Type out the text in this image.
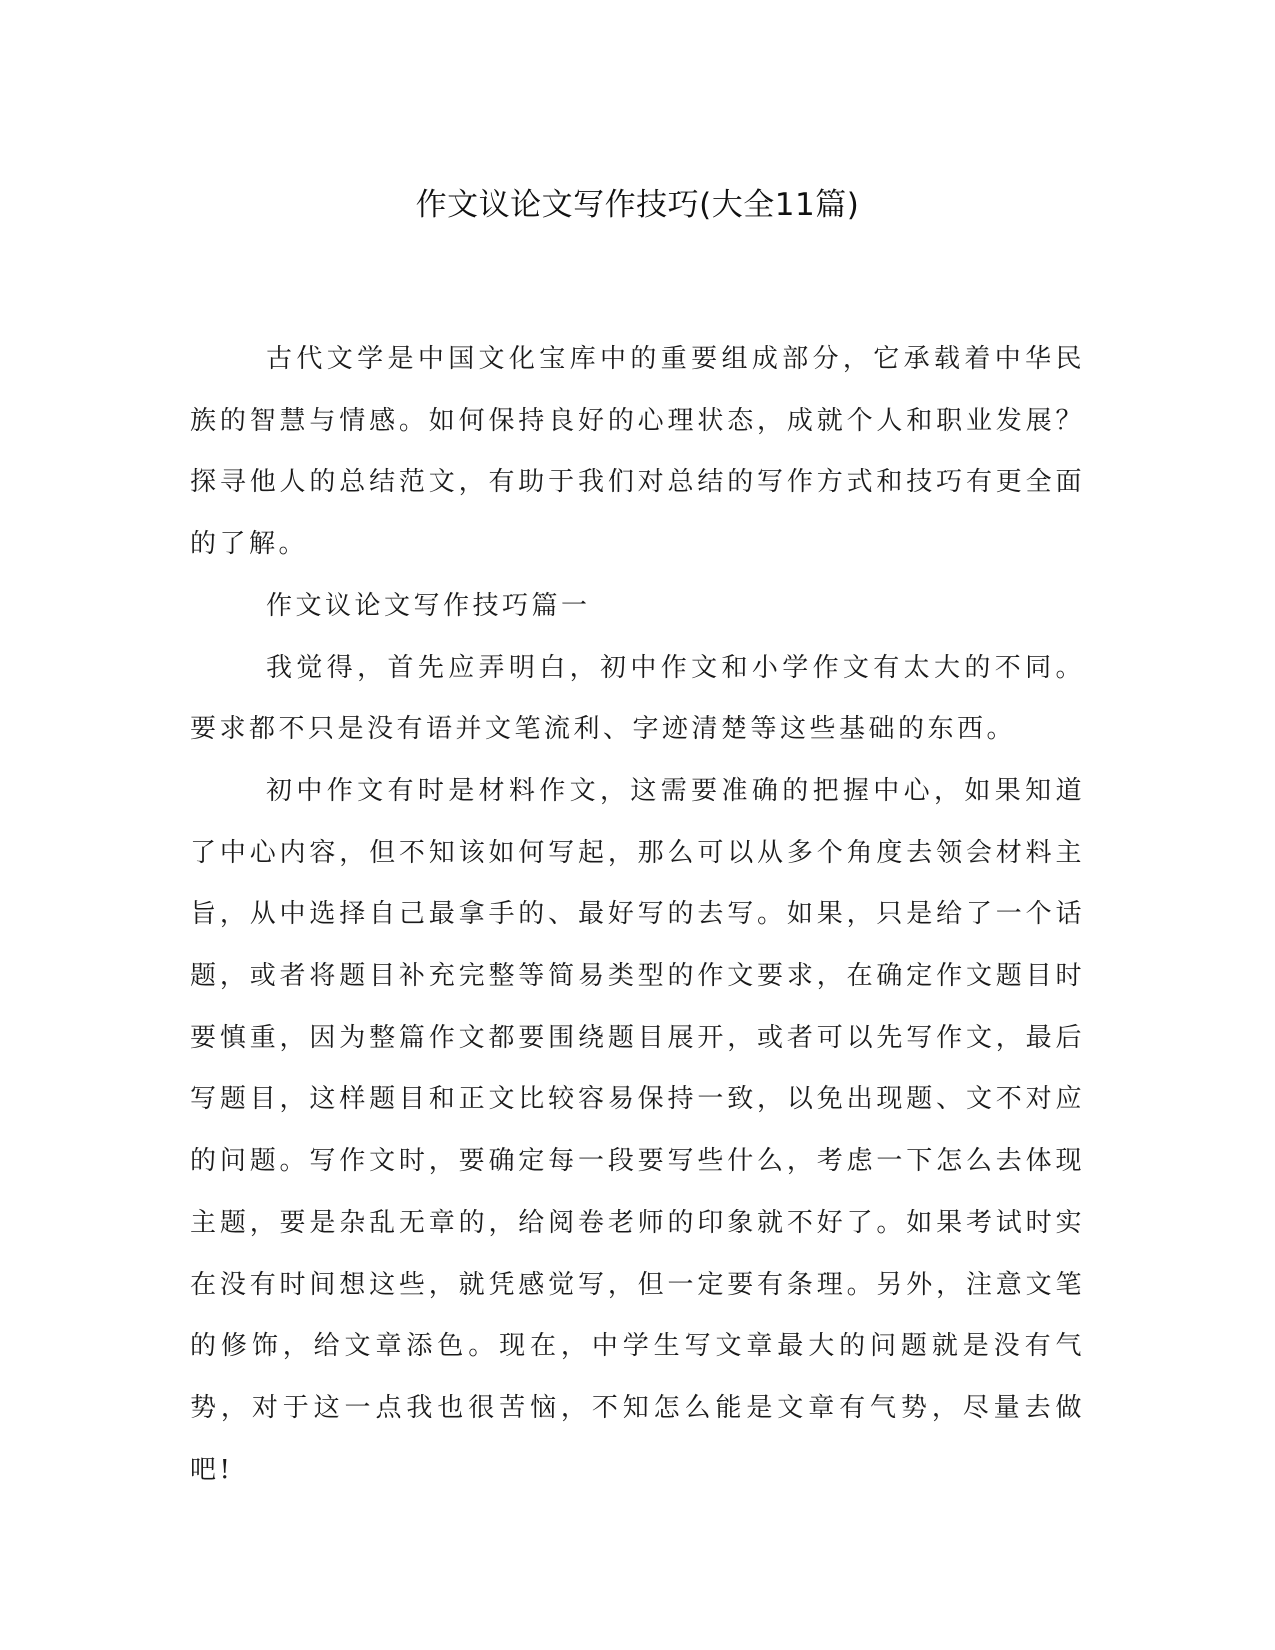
作文议论文写作技巧(大全11篇)

古代文学是中国文化宝库中的重要组成部分，它承载着中华民族的智慧与情感。如何保持良好的心理状态，成就个人和职业发展？探寻他人的总结范文，有助于我们对总结的写作方式和技巧有更全面的了解。

作文议论文写作技巧篇一

我觉得，首先应弄明白，初中作文和小学作文有太大的不同。要求都不只是没有语并文笔流利、字迹清楚等这些基础的东西。

初中作文有时是材料作文，这需要准确的把握中心，如果知道了中心内容，但不知该如何写起，那么可以从多个角度去领会材料主旨，从中选择自己最拿手的、最好写的去写。如果，只是给了一个话题，或者将题目补充完整等简易类型的作文要求，在确定作文题目时要慎重，因为整篇作文都要围绕题目展开，或者可以先写作文，最后写题目，这样题目和正文比较容易保持一致，以免出现题、文不对应的问题。写作文时，要确定每一段要写些什么，考虑一下怎么去体现主题，要是杂乱无章的，给阅卷老师的印象就不好了。如果考试时实在没有时间想这些，就凭感觉写，但一定要有条理。另外，注意文笔的修饰，给文章添色。现在，中学生写文章最大的问题就是没有气势，对于这一点我也很苦恼，不知怎么能是文章有气势，尽量去做吧!
